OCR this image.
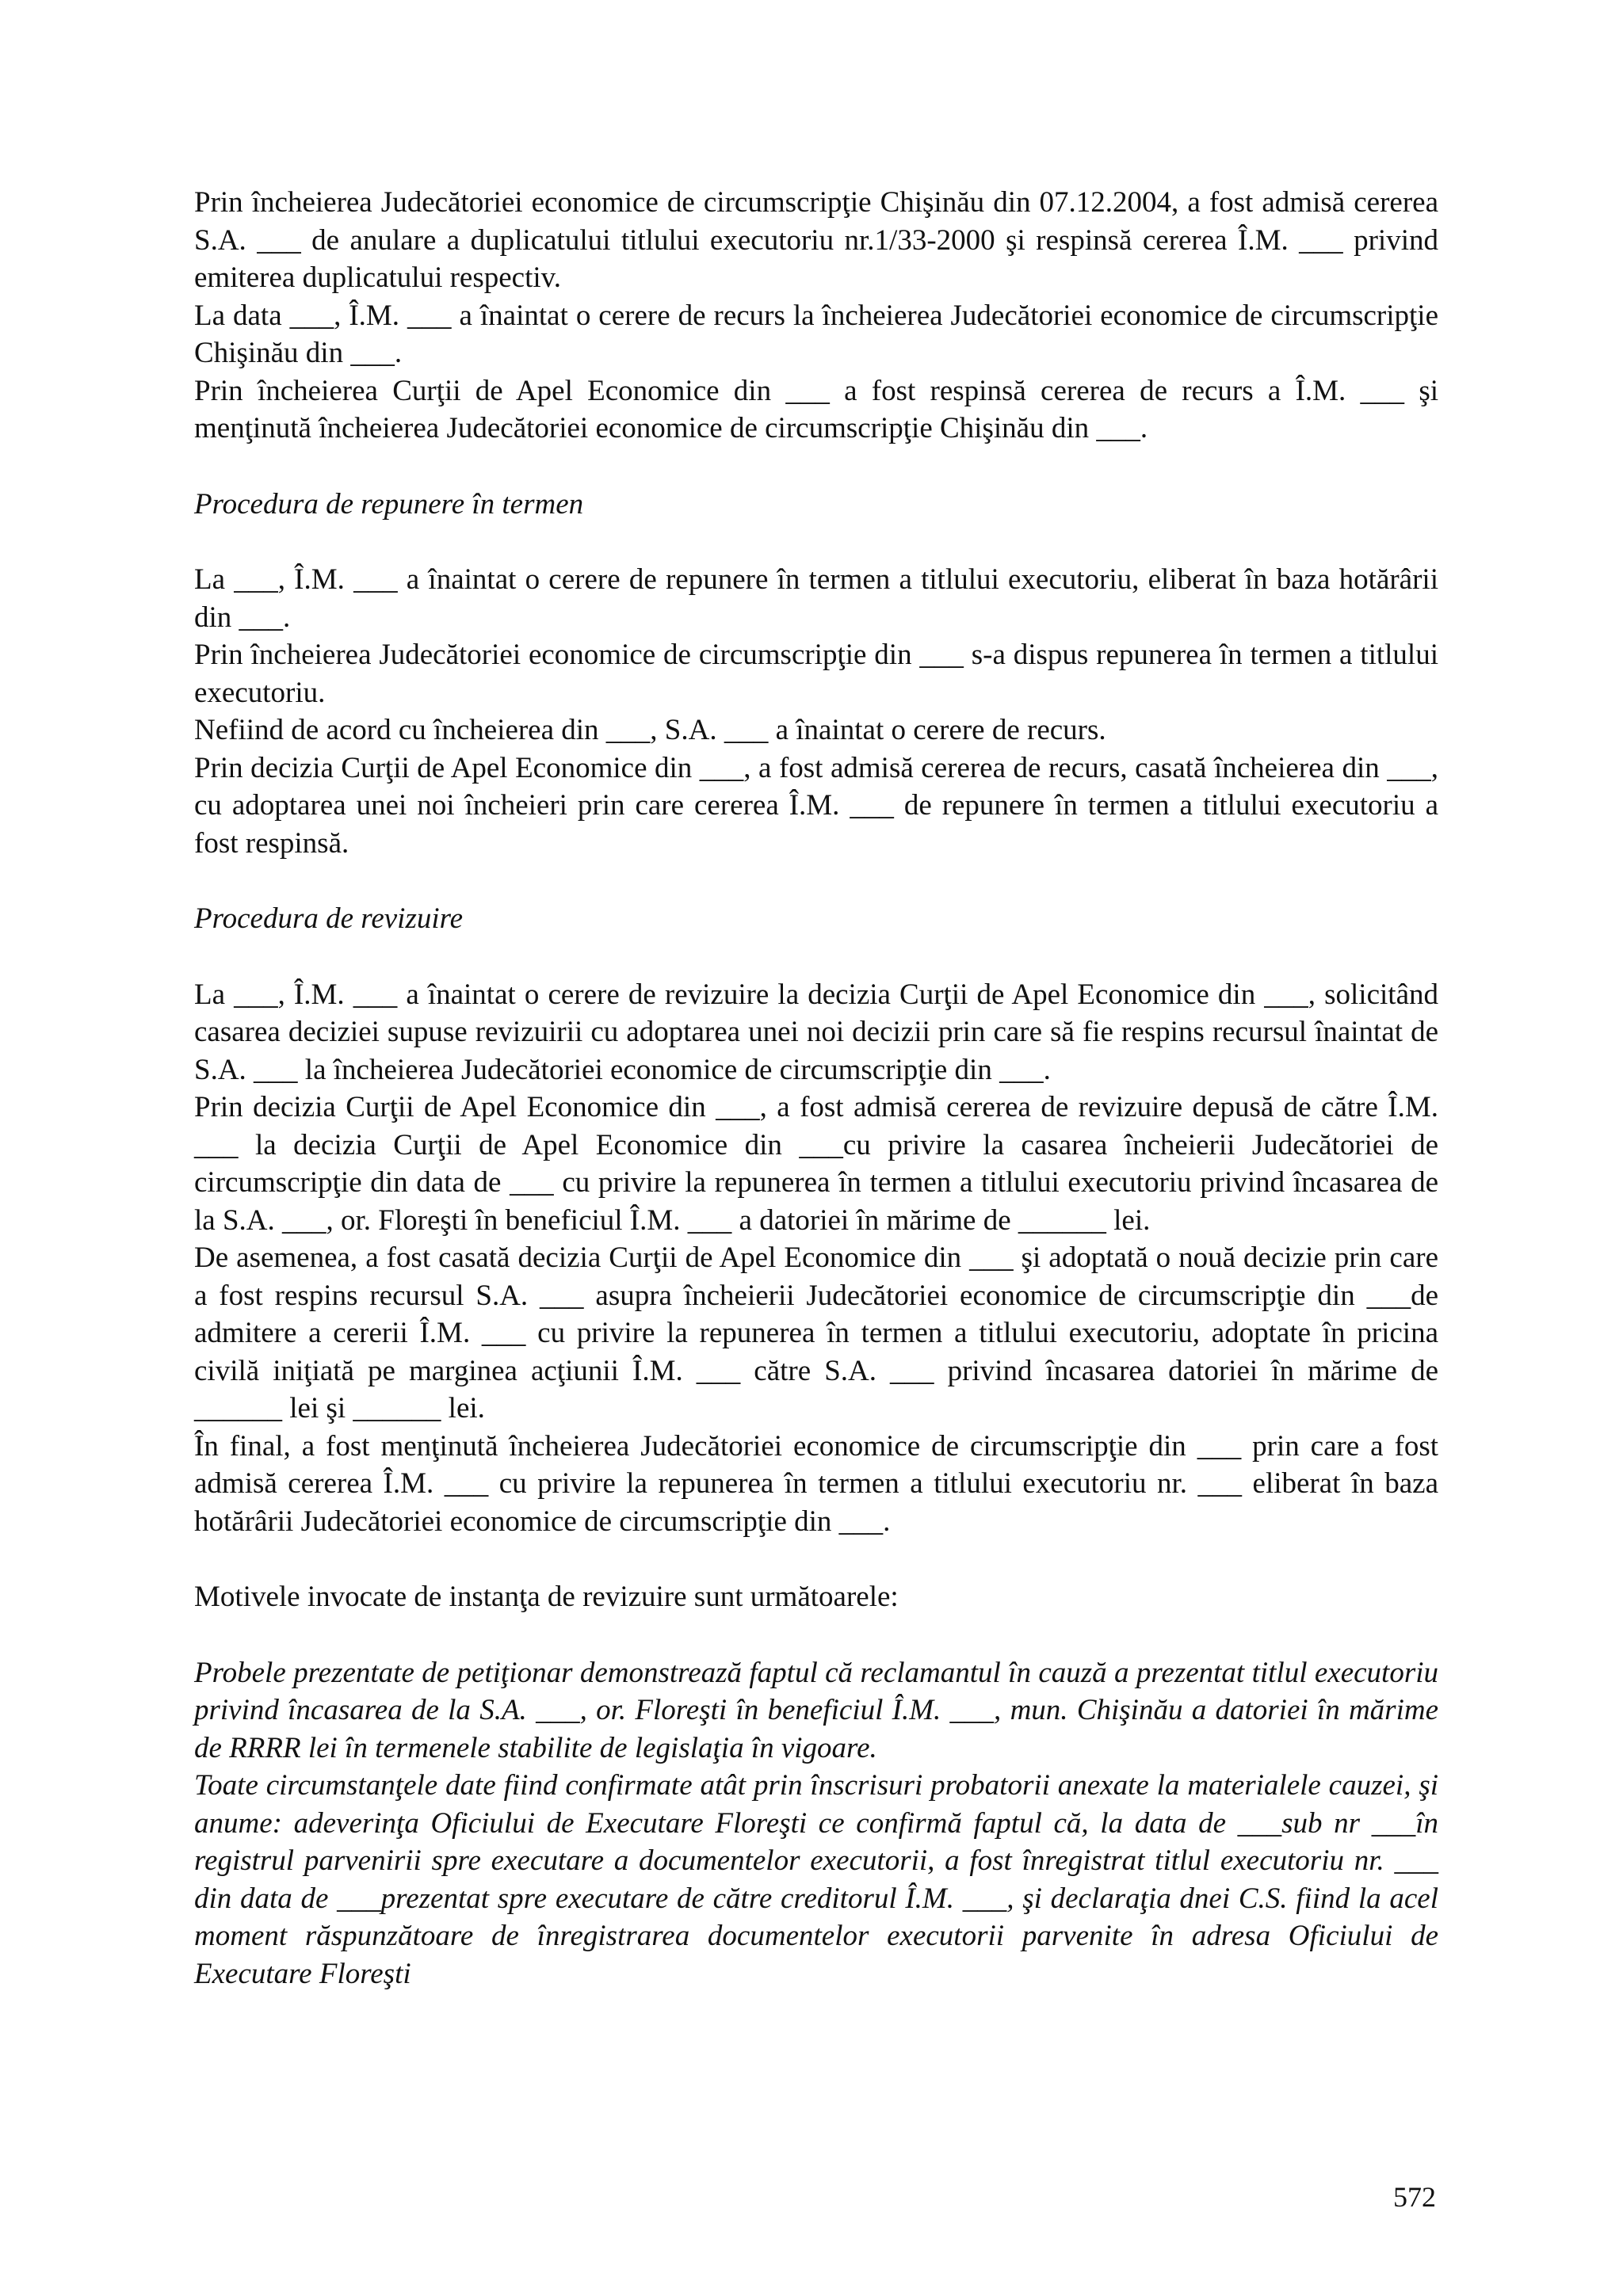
Prin încheierea Judecătoriei economice de circumscripţie Chişinău din 07.12.2004, a fost admisă cererea S.A. ___ de anulare a duplicatului titlului executoriu nr.1/33-2000 şi respinsă cererea Î.M. ___ privind emiterea duplicatului respectiv.

La data ___, Î.M. ___ a înaintat o cerere de recurs la încheierea Judecătoriei economice de circumscripţie Chişinău din ___.

Prin încheierea Curţii de Apel Economice din ___ a fost respinsă cererea de recurs a Î.M. ___ şi menţinută încheierea Judecătoriei economice de circumscripţie Chişinău din ___.

Procedura de repunere în termen

La ___, Î.M. ___ a înaintat o cerere de repunere în termen a titlului executoriu, eliberat în baza hotărârii din ___.

Prin încheierea Judecătoriei economice de circumscripţie din ___ s-a dispus repunerea în termen a titlului executoriu.

Nefiind de acord cu încheierea din ___, S.A. ___ a înaintat o cerere de recurs.

Prin decizia Curţii de Apel Economice din ___, a fost admisă cererea de recurs, casată încheierea din ___, cu adoptarea unei noi încheieri prin care cererea Î.M. ___ de repunere în termen a titlului executoriu a fost respinsă.

Procedura de revizuire

La ___, Î.M. ___ a înaintat o cerere de revizuire la decizia Curţii de Apel Economice din ___, solicitând casarea deciziei supuse revizuirii cu adoptarea unei noi decizii prin care să fie respins recursul înaintat de S.A. ___ la încheierea Judecătoriei economice de circumscripţie din ___.

Prin decizia Curţii de Apel Economice din ___, a fost admisă cererea de revizuire depusă de către Î.M. ___ la decizia Curţii de Apel Economice din ___cu privire la casarea încheierii Judecătoriei de circumscripţie din data de ___ cu privire la repunerea în termen a titlului executoriu privind încasarea de la S.A. ___, or. Floreşti în beneficiul Î.M. ___ a datoriei în mărime de ______ lei.

De asemenea, a fost casată decizia Curţii de Apel Economice din ___ şi adoptată o nouă decizie prin care a fost respins recursul S.A. ___ asupra încheierii Judecătoriei economice de circumscripţie din ___de admitere a cererii Î.M. ___ cu privire la repunerea în termen a titlului executoriu, adoptate în pricina civilă iniţiată pe marginea acţiunii Î.M. ___ către S.A. ___ privind încasarea datoriei în mărime de ______ lei şi ______ lei.

În final, a fost menţinută încheierea Judecătoriei economice de circumscripţie din ___ prin care a fost admisă cererea Î.M. ___ cu privire la repunerea în termen a titlului executoriu nr. ___ eliberat în baza hotărârii Judecătoriei economice de circumscripţie din ___.

Motivele invocate de instanţa de revizuire sunt următoarele:

Probele prezentate de petiţionar demonstrează faptul că reclamantul în cauză a prezentat titlul executoriu privind încasarea de la S.A. ___, or. Floreşti în beneficiul Î.M. ___, mun. Chişinău a datoriei în mărime de RRRR lei în termenele stabilite de legislaţia în vigoare.

Toate circumstanţele date fiind confirmate atât prin înscrisuri probatorii anexate la materialele cauzei, şi anume: adeverinţa Oficiului de Executare Floreşti ce confirmă faptul că, la data de ___sub nr ___în registrul parvenirii spre executare a documentelor executorii, a fost înregistrat titlul executoriu nr. ___ din data de ___prezentat spre executare de către creditorul Î.M. ___, şi declaraţia dnei C.S. fiind la acel moment răspunzătoare de înregistrarea documentelor executorii parvenite în adresa Oficiului de Executare Floreşti

572
